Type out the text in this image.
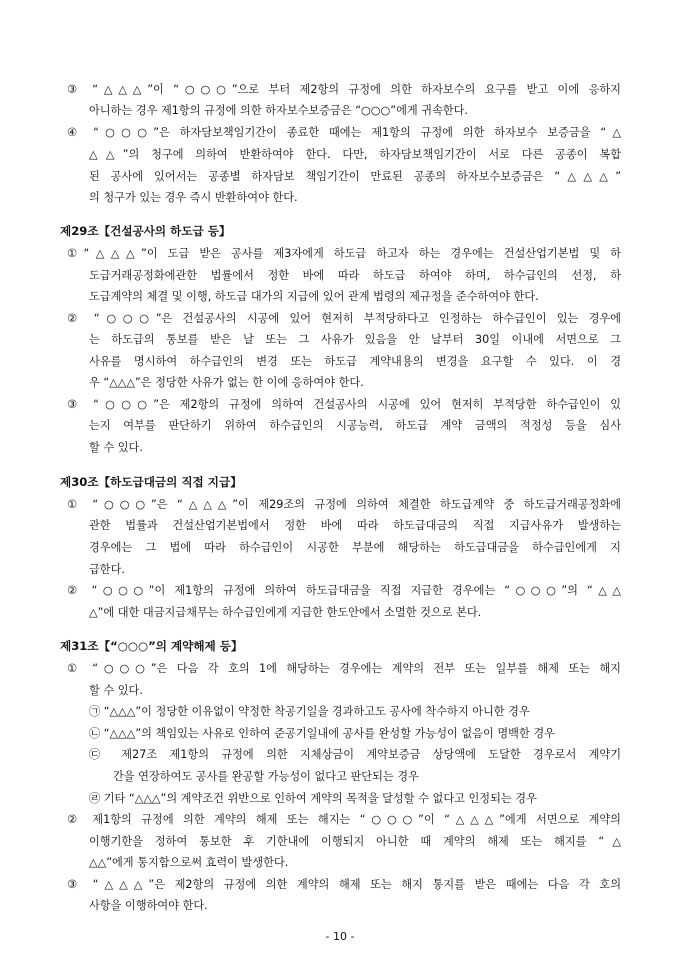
③ “△△△”이 “○○○”으로 부터 제2항의 규정에 의한 하자보수의 요구를 받고 이에 응하지
아니하는 경우 제1항의 규정에 의한 하자보수보증금은 “○○○”에게 귀속한다.
④ “○○○”은 하자담보책임기간이 종료한 때에는 제1항의 규정에 의한 하자보수 보증금을 “△
△△”의 청구에 의하여 반환하여야 한다. 다만, 하자담보책임기간이 서로 다른 공종이 복합
된 공사에 있어서는 공종별 하자담보 책임기간이 만료된 공종의 하자보수보증금은 “△△△”
의 청구가 있는 경우 즉시 반환하여야 한다.
제29조【건설공사의 하도급 등】
①“△△△”이 도급 받은 공사를 제3자에게 하도급 하고자 하는 경우에는 건설산업기본법 및 하
도급거래공정화에관한 법률에서 정한 바에 따라 하도급 하여야 하며, 하수급인의 선정, 하
도급계약의 체결 및 이행, 하도급 대가의 지급에 있어 관계 법령의 제규정을 준수하여야 한다.
② “○○○”은 건설공사의 시공에 있어 현저히 부적당하다고 인정하는 하수급인이 있는 경우에
는 하도급의 통보를 받은 날 또는 그 사유가 있음을 안 날부터 30일 이내에 서면으로 그
사유를 명시하여 하수급인의 변경 또는 하도급 계약내용의 변경을 요구할 수 있다. 이 경
우 “△△△”은 정당한 사유가 없는 한 이에 응하여야 한다.
③ “○○○”은 제2항의 규정에 의하여 건설공사의 시공에 있어 현저히 부적당한 하수급인이 있
는지 여부를 판단하기 위하여 하수급인의 시공능력, 하도급 계약 금액의 적정성 등을 심사
할 수 있다.
제30조【하도급대금의 직접 지급】
① “○○○”은 “△△△”이 제29조의 규정에 의하여 체결한 하도급계약 중 하도급거래공정화에
관한 법률과 건설산업기본법에서 정한 바에 따라 하도급대금의 직접 지급사유가 발생하는
경우에는 그 법에 따라 하수급인이 시공한 부분에 해당하는 하도급대금을 하수급인에게 지
급한다.
② “○○○”이 제1항의 규정에 의하여 하도급대금을 직접 지급한 경우에는 “○○○”의 “△△
△”에 대한 대금지급채무는 하수급인에게 지급한 한도안에서 소멸한 것으로 본다.
제31조【“○○○”의 계약해제 등】
① “○○○”은 다음 각 호의 1에 해당하는 경우에는 계약의 전부 또는 일부를 해제 또는 해지
할 수 있다.
㉠ “△△△”이 정당한 이유없이 약정한 착공기일을 경과하고도 공사에 착수하지 아니한 경우
㉡ “△△△”의 책임있는 사유로 인하여 준공기일내에 공사를 완성할 가능성이 없음이 명백한 경우
㉢ 제27조 제1항의 규정에 의한 지체상금이 계약보증금 상당액에 도달한 경우로서 계약기
간을 연장하여도 공사를 완공할 가능성이 없다고 판단되는 경우
㉣ 기타 “△△△”의 계약조건 위반으로 인하여 계약의 목적을 달성할 수 없다고 인정되는 경우
② 제1항의 규정에 의한 계약의 해제 또는 해지는 “○○○”이 “△△△”에게 서면으로 계약의
이행기한을 정하여 통보한 후 기한내에 이행되지 아니한 때 계약의 해제 또는 해지를 “△
△△”에게 통지함으로써 효력이 발생한다.
③ “△△△”은 제2항의 규정에 의한 계약의 해제 또는 해지 통지를 받은 때에는 다음 각 호의
사항을 이행하여야 한다.
- 10 -
